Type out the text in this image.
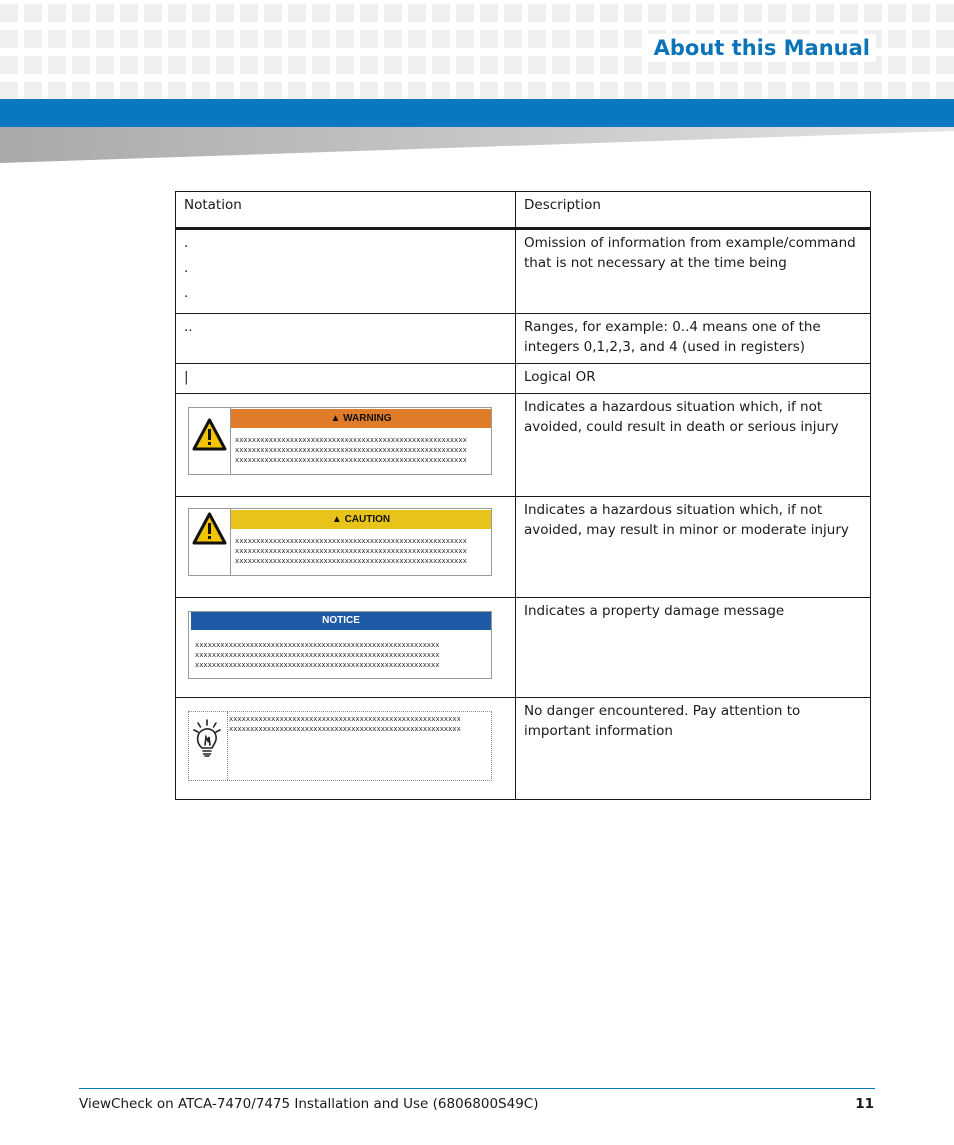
About this Manual
Notation	Description

.
.
.	Omission of information from example/command that is not necessary at the time being
..	Ranges, for example: 0..4 means one of the integers 0,1,2,3, and 4 (used in registers)
|	Logical OR

▲ WARNING
xxxxxxxxxxxxxxxxxxxxxxxxxxxxxxxxxxxxxxxxxxxxxxxxxxxxxxx
xxxxxxxxxxxxxxxxxxxxxxxxxxxxxxxxxxxxxxxxxxxxxxxxxxxxxxx
xxxxxxxxxxxxxxxxxxxxxxxxxxxxxxxxxxxxxxxxxxxxxxxxxxxxxxx	Indicates a hazardous situation which, if not avoided, could result in death or serious injury

▲ CAUTION
xxxxxxxxxxxxxxxxxxxxxxxxxxxxxxxxxxxxxxxxxxxxxxxxxxxxxxx
xxxxxxxxxxxxxxxxxxxxxxxxxxxxxxxxxxxxxxxxxxxxxxxxxxxxxxx
xxxxxxxxxxxxxxxxxxxxxxxxxxxxxxxxxxxxxxxxxxxxxxxxxxxxxxx	Indicates a hazardous situation which, if not avoided, may result in minor or moderate injury

NOTICE
xxxxxxxxxxxxxxxxxxxxxxxxxxxxxxxxxxxxxxxxxxxxxxxxxxxxxxxxxx
xxxxxxxxxxxxxxxxxxxxxxxxxxxxxxxxxxxxxxxxxxxxxxxxxxxxxxxxxx
xxxxxxxxxxxxxxxxxxxxxxxxxxxxxxxxxxxxxxxxxxxxxxxxxxxxxxxxxx	Indicates a property damage message

xxxxxxxxxxxxxxxxxxxxxxxxxxxxxxxxxxxxxxxxxxxxxxxxxxxxxxx
xxxxxxxxxxxxxxxxxxxxxxxxxxxxxxxxxxxxxxxxxxxxxxxxxxxxxxx	No danger encountered. Pay attention to important information
ViewCheck on ATCA-7470/7475 Installation and Use (6806800S49C)	11
